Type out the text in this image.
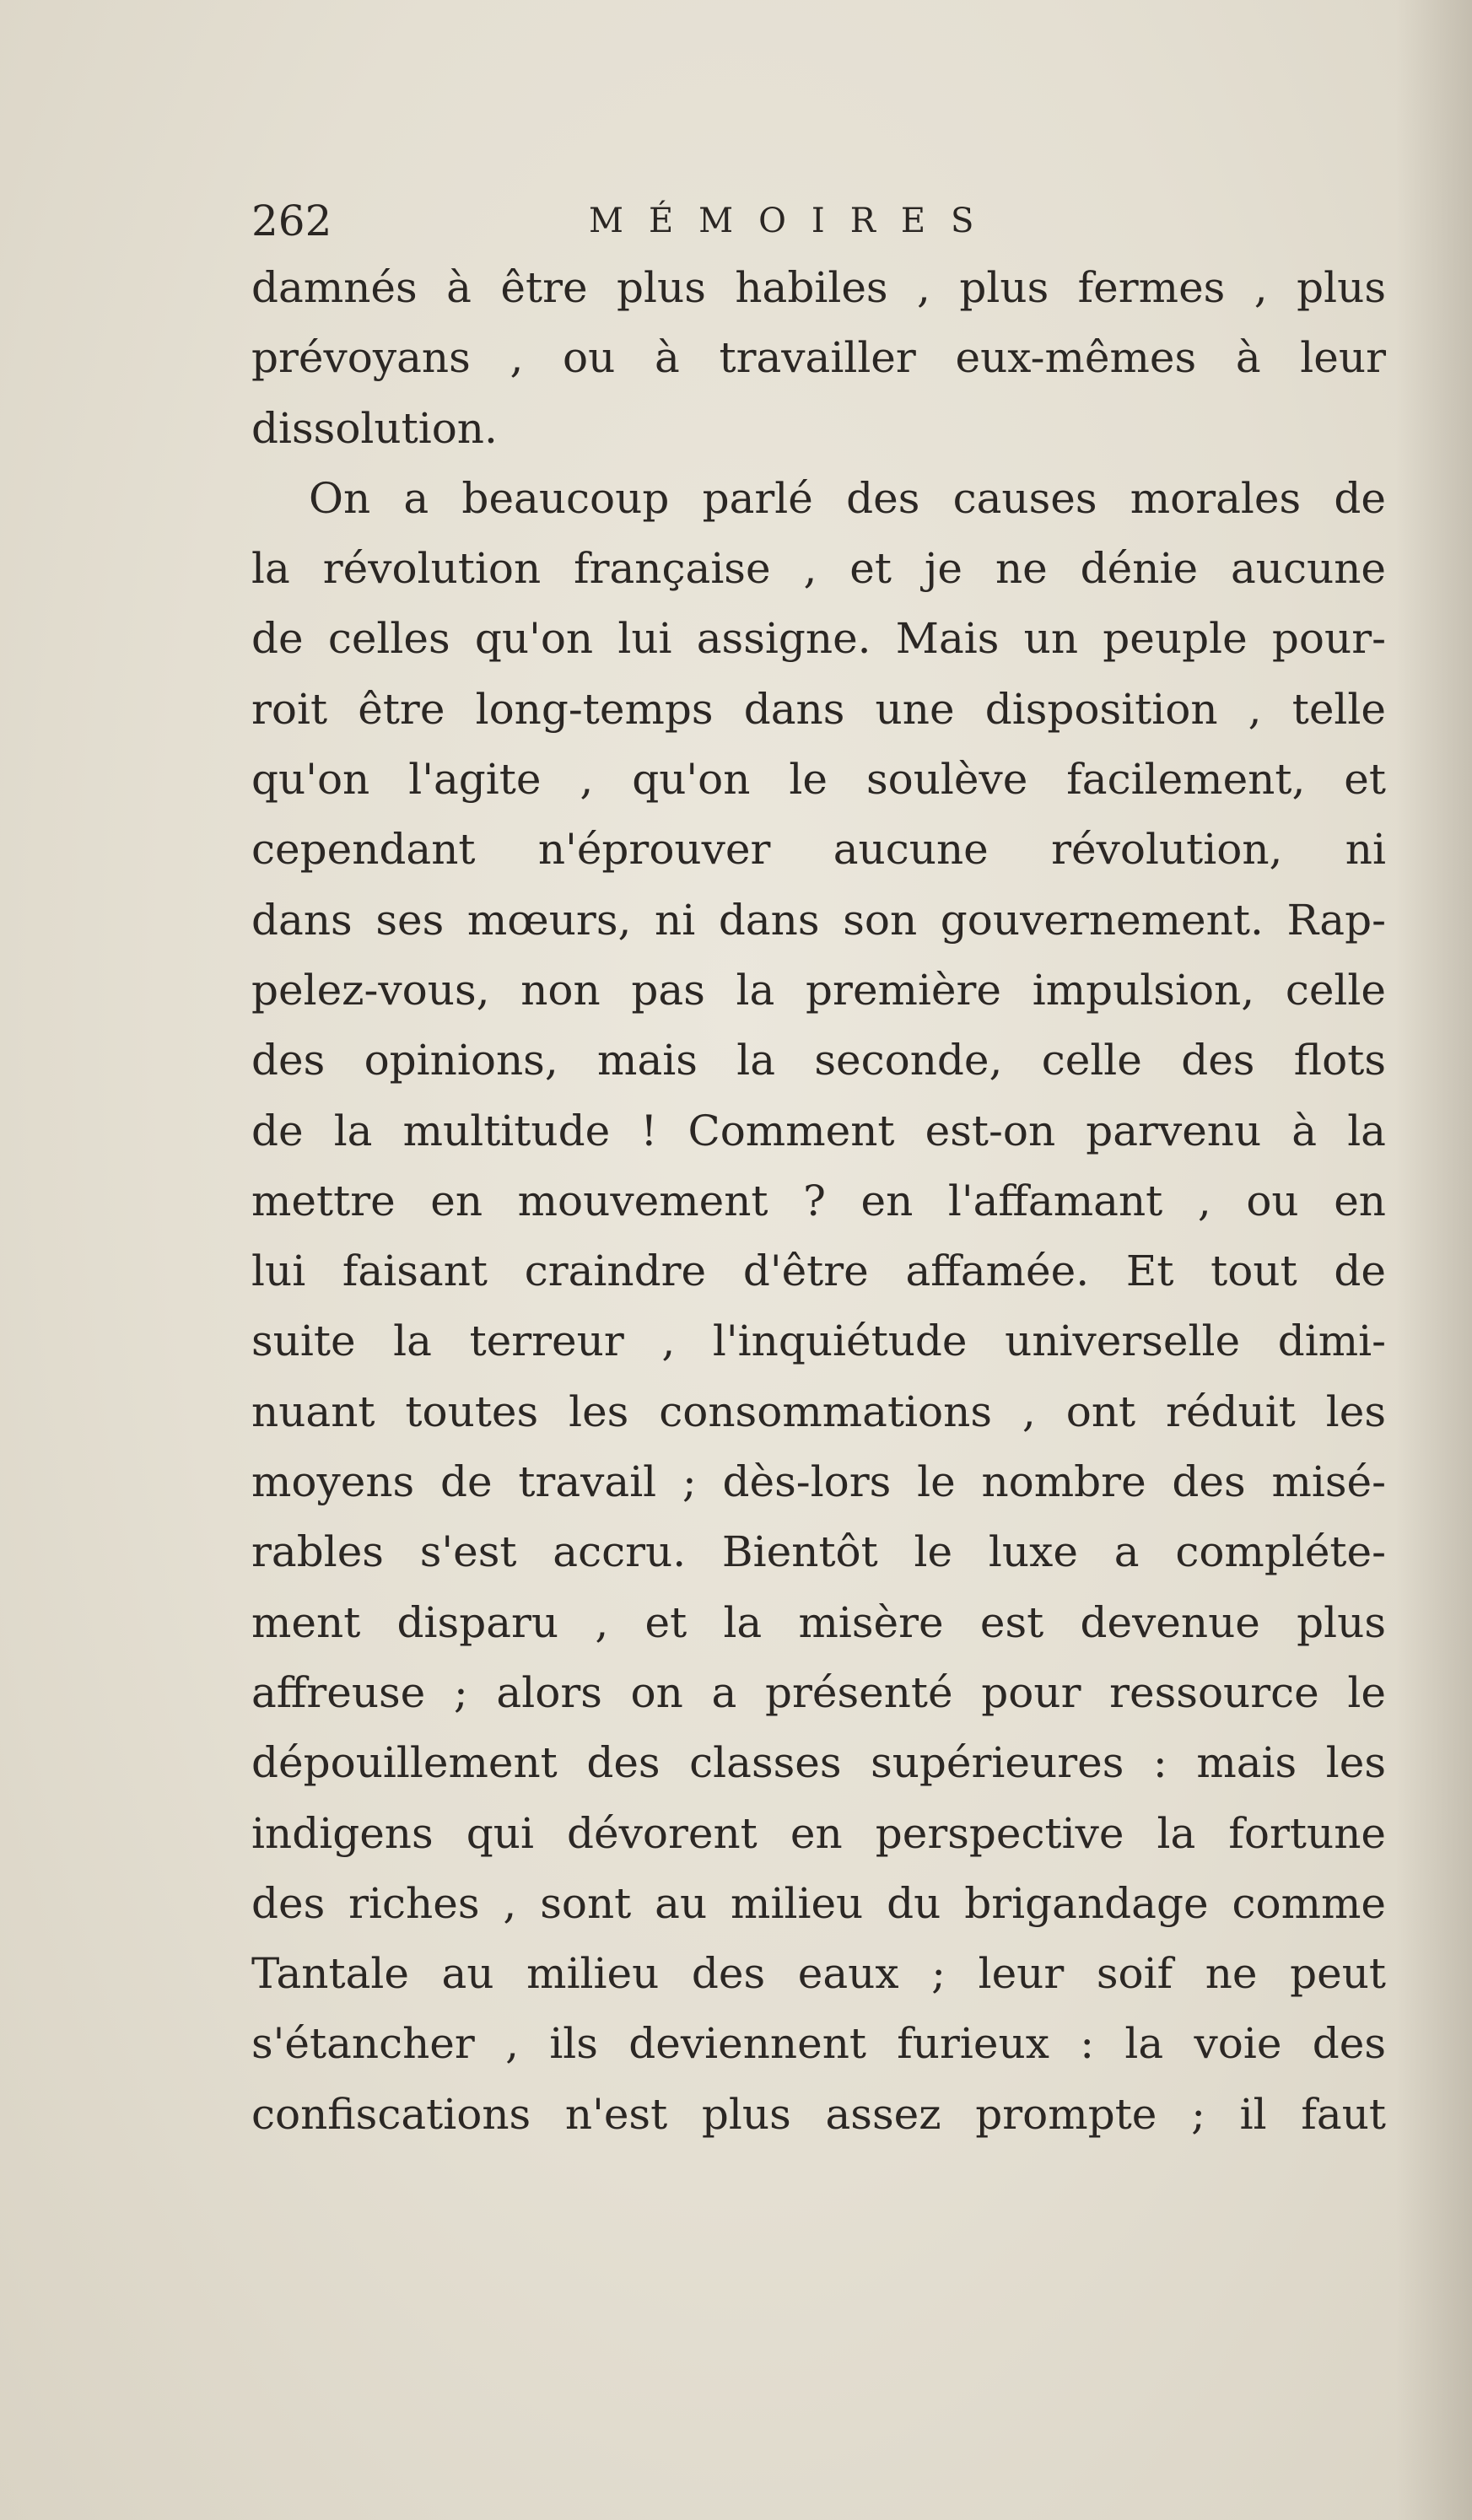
262	MÉMOIRES
damnés à être plus habiles , plus fermes , plus
prévoyans , ou à travailler eux-mêmes à leur
dissolution.
On a beaucoup parlé des causes morales de
la révolution française , et je ne dénie aucune
de celles qu'on lui assigne. Mais un peuple pour-
roit être long-temps dans une disposition , telle
qu'on l'agite , qu'on le soulève facilement, et
cependant n'éprouver aucune révolution, ni
dans ses mœurs, ni dans son gouvernement. Rap-
pelez-vous, non pas la première impulsion, celle
des opinions, mais la seconde, celle des flots
de la multitude ! Comment est-on parvenu à la
mettre en mouvement ? en l'affamant , ou en
lui faisant craindre d'être affamée. Et tout de
suite la terreur , l'inquiétude universelle dimi-
nuant toutes les consommations , ont réduit les
moyens de travail ; dès-lors le nombre des misé-
rables s'est accru. Bientôt le luxe a compléte-
ment disparu , et la misère est devenue plus
affreuse ; alors on a présenté pour ressource le
dépouillement des classes supérieures : mais les
indigens qui dévorent en perspective la fortune
des riches , sont au milieu du brigandage comme
Tantale au milieu des eaux ; leur soif ne peut
s'étancher , ils deviennent furieux : la voie des
confiscations n'est plus assez prompte ; il faut
